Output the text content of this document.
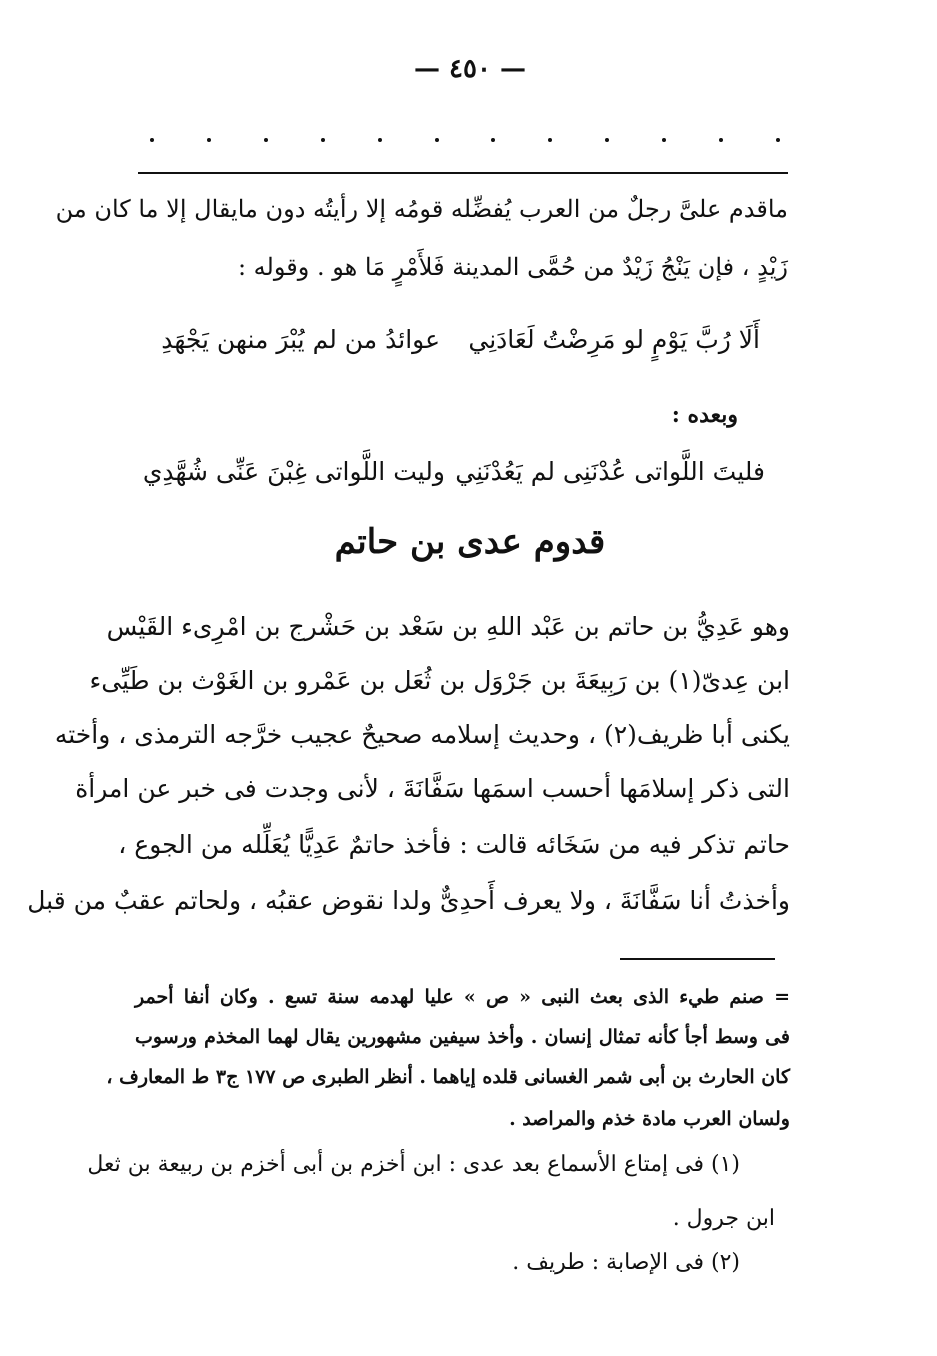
— ٤٥٠ —
ماقدم علىَّ رجلٌ من العرب يُفضِّله قومُه إلا رأيتُه دون مايقال إلا ما كان من
زَيْدٍ ، فإن يَنْجُ زَيْدٌ من حُمَّى المدينة فَلأَمْرٍ مَا هو . وقوله :
أَلَا رُبَّ يَوْمٍ لو مَرِضْتُ لَعَادَنِي
عوائدُ من لم يُبْرَ منهن يَجْهَدِ
وبعده :
فليتَ اللَّواتى عُدْنَنِى لم يَعُدْنَنِي
وليت اللَّواتى غِبْنَ عَنِّى شُهَّدِي
قدوم عدى بن حاتم
وهو عَدِيُّ بن حاتم بن عَبْد اللهِ بن سَعْد بن حَشْرج بن امْرِىء القَيْس
ابن عِدىّ(١) بن رَبِيعَةَ بن جَرْوَل بن ثُعَل بن عَمْرو بن الغَوْث بن طَيِّىء
يكنى أبا ظريف(٢) ، وحديث إسلامه صحيحٌ عجيب خرَّجه الترمذى ، وأخته
التى ذكر إسلامَها أحسب اسمَها سَفَّانَةَ ، لأنى وجدت فى خبر عن امرأة
حاتم تذكر فيه من سَخَائه قالت : فأخذ حاتمٌ عَدِيًّا يُعَلِّله من الجوع ،
وأخذتُ أنا سَفَّانَةَ ، ولا يعرف أَحدِىٌّ ولدا نقوض عقبُه ، ولحاتم عقبٌ من قبل
= صنم طيء الذى بعث النبى « ص » عليا لهدمه سنة تسع . وكان أنفا أحمر
فى وسط أجأ كأنه تمثال إنسان . وأخذ سيفين مشهورين يقال لهما المخذم ورسوب
كان الحارث بن أبى شمر الغسانى قلده إياهما . أنظر الطبرى ص ١٧٧ ج٣ ط المعارف ،
ولسان العرب مادة خذم والمراصد .
(١) فى إمتاع الأسماع بعد عدى : ابن أخزم بن أبى أخزم بن ربيعة بن ثعل
ابن جرول .
(٢) فى الإصابة : طريف .
